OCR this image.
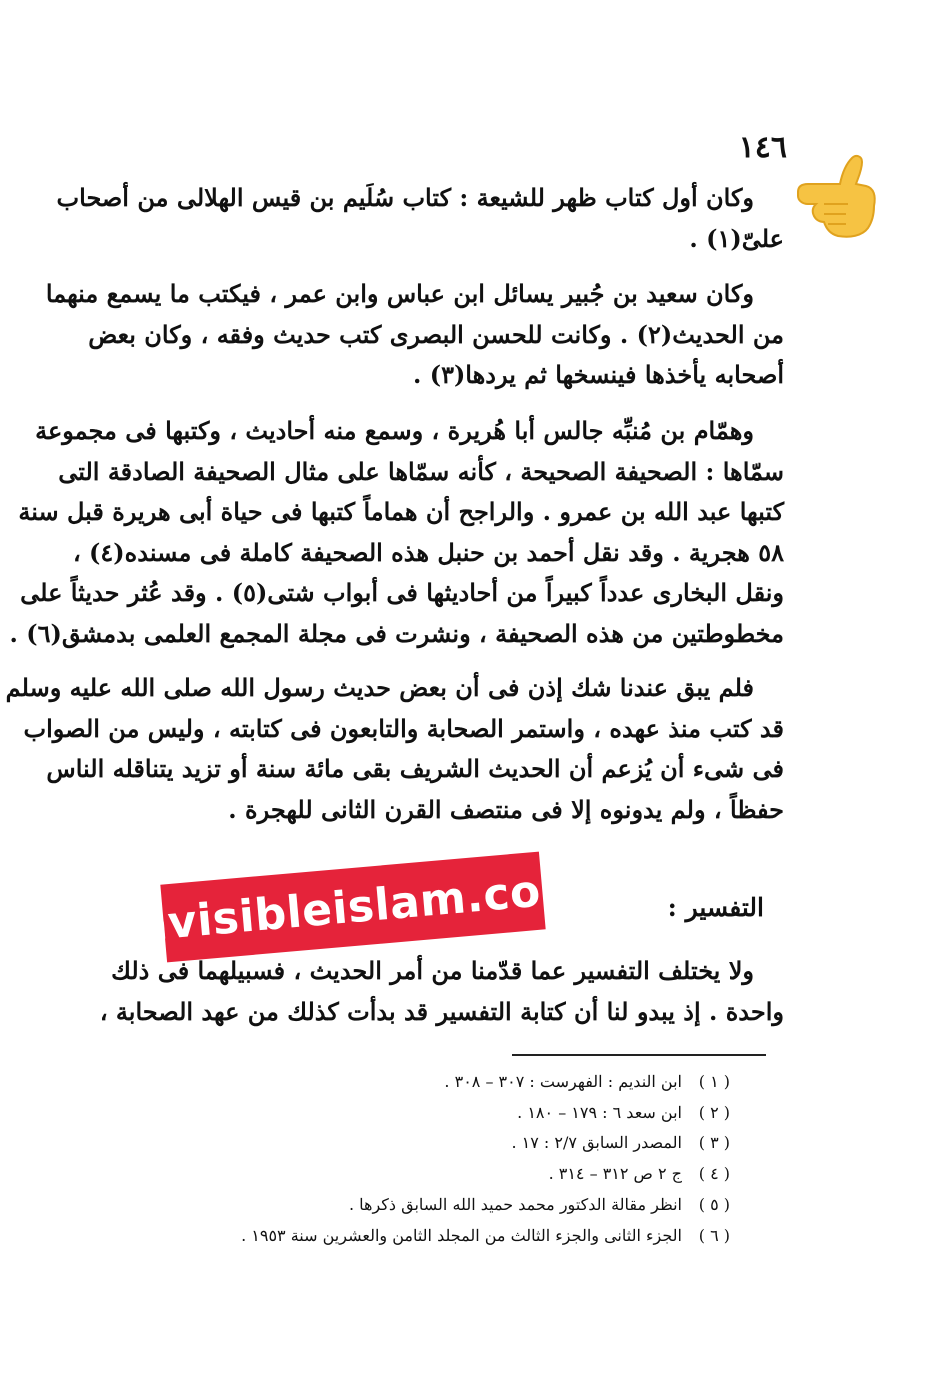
١٤٦
وكان أول كتاب ظهر للشيعة : كتاب سُلَيم بن قيس الهلالى من أصحاب
علىّ(١) .
وكان سعيد بن جُبير يسائل ابن عباس وابن عمر ، فيكتب ما يسمع منهما
من الحديث(٢) . وكانت للحسن البصرى كتب حديث وفقه ، وكان بعض
أصحابه يأخذها فينسخها ثم يردها(٣) .
وهمّام بن مُنبِّه جالس أبا هُريرة ، وسمع منه أحاديث ، وكتبها فى مجموعة
سمّاها : الصحيفة الصحيحة ، كأنه سمّاها على مثال الصحيفة الصادقة التى
كتبها عبد الله بن عمرو . والراجح أن هماماً كتبها فى حياة أبى هريرة قبل سنة
٥٨ هجرية . وقد نقل أحمد بن حنبل هذه الصحيفة كاملة فى مسنده(٤) ،
ونقل البخارى عدداً كبيراً من أحاديثها فى أبواب شتى(٥) . وقد عُثر حديثاً على
مخطوطتين من هذه الصحيفة ، ونشرت فى مجلة المجمع العلمى بدمشق(٦) .
فلم يبق عندنا شك إذن فى أن بعض حديث رسول الله صلى الله عليه وسلم
قد كتب منذ عهده ، واستمر الصحابة والتابعون فى كتابته ، وليس من الصواب
فى شىء أن يُزعم أن الحديث الشريف بقى مائة سنة أو تزيد يتناقله الناس
حفظاً ، ولم يدونوه إلا فى منتصف القرن الثانى للهجرة .
التفسير :
ولا يختلف التفسير عما قدّمنا من أمر الحديث ، فسبيلهما فى ذلك
واحدة . إذ يبدو لنا أن كتابة التفسير قد بدأت كذلك من عهد الصحابة ،
( ١ )
ابن النديم : الفهرست : ٣٠٧ – ٣٠٨ .
( ٢ )
ابن سعد ٦ : ١٧٩ – ١٨٠ .
( ٣ )
المصدر السابق ٢/٧ : ١٧ .
( ٤ )
ج ٢ ص ٣١٢ – ٣١٤ .
( ٥ )
انظر مقالة الدكتور محمد حميد الله السابق ذكرها .
( ٦ )
الجزء الثانى والجزء الثالث من المجلد الثامن والعشرين سنة ١٩٥٣ .
Invisibleislam.com
